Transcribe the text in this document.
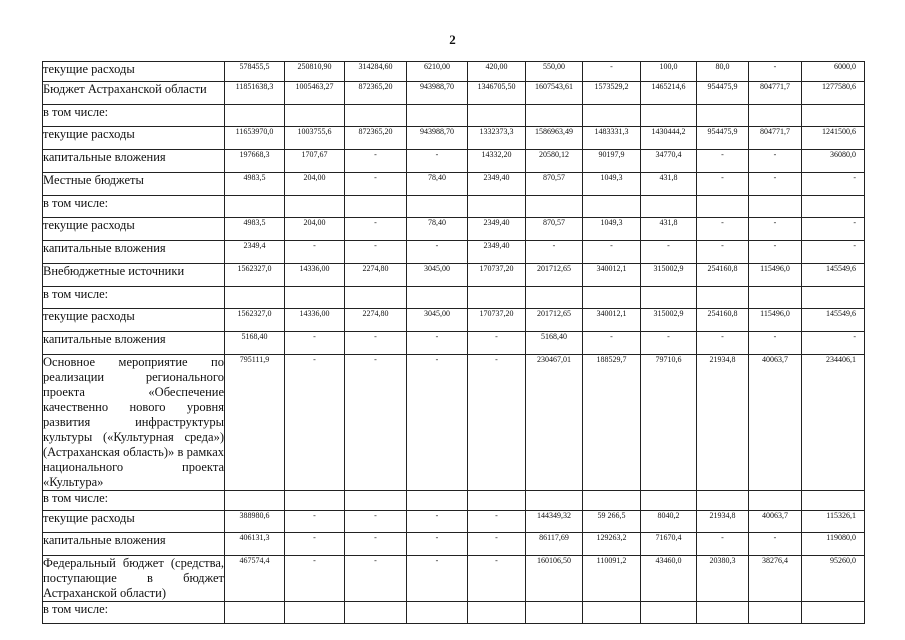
2
текущие расходы	578455,5	250810,90	314284,60	6210,00	420,00	550,00	-	100,0	80,0	-	6000,0
Бюджет Астраханской области	11851638,3	1005463,27	872365,20	943988,70	1346705,50	1607543,61	1573529,2	1465214,6	954475,9	804771,7	1277580,6
в том числе:											
текущие расходы	11653970,0	1003755,6	872365,20	943988,70	1332373,3	1586963,49	1483331,3	1430444,2	954475,9	804771,7	1241500,6
капитальные вложения	197668,3	1707,67	-	-	14332,20	20580,12	90197,9	34770,4	-	-	36080,0
Местные бюджеты	4983,5	204,00	-	78,40	2349,40	870,57	1049,3	431,8	-	-	-
в том числе:											
текущие расходы	4983,5	204,00	-	78,40	2349,40	870,57	1049,3	431,8	-	-	-
капитальные вложения	2349,4	-	-	-	2349,40	-	-	-	-	-	-
Внебюджетные источники	1562327,0	14336,00	2274,80	3045,00	170737,20	201712,65	340012,1	315002,9	254160,8	115496,0	145549,6
в том числе:											
текущие расходы	1562327,0	14336,00	2274,80	3045,00	170737,20	201712,65	340012,1	315002,9	254160,8	115496,0	145549,6
капитальные вложения	5168,40	-	-	-	-	5168,40	-	-	-	-	-
Основное мероприятие по реализации регионального проекта «Обеспечение качественно нового уровня развития инфраструктуры культуры («Культурная среда») (Астраханская область)» в рамках национального проекта «Культура»	795111,9	-	-	-	-	230467,01	188529,7	79710,6	21934,8	40063,7	234406,1
в том числе:											
текущие расходы	388980,6	-	-	-	-	144349,32	59 266,5	8040,2	21934,8	40063,7	115326,1
капитальные вложения	406131,3	-	-	-	-	86117,69	129263,2	71670,4	-	-	119080,0
Федеральный бюджет (средства, поступающие в бюджет Астраханской области)	467574,4	-	-	-	-	160106,50	110091,2	43460,0	20380,3	38276,4	95260,0
в том числе:											
